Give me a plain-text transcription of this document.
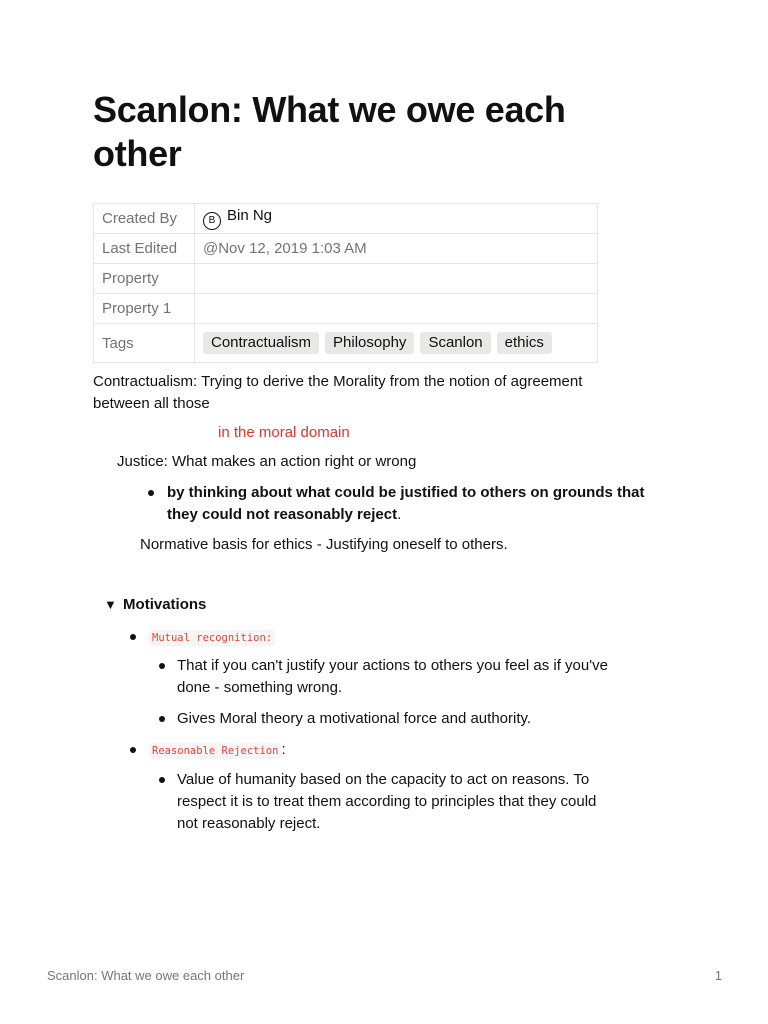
Scanlon: What we owe each other
Created By	B Bin Ng
Last Edited	@Nov 12, 2019 1:03 AM
Property	
Property 1	
Tags	Contractualism Philosophy Scanlon ethics

Contractualism: Trying to derive the Morality from the notion of agreement

between all those

in the moral domain

Justice: What makes an action right or wrong

by thinking about what could be justified to others on grounds that

they could not reasonably reject.

Normative basis for ethics - Justifying oneself to others.

▼ Motivations

Mutual recognition:

That if you can't justify your actions to others you feel as if you've

done - something wrong.

Gives Moral theory a motivational force and authority.

Reasonable Rejection :

Value of humanity based on the capacity to act on reasons. To

respect it is to treat them according to principles that they could

not reasonably reject.

Scanlon: What we owe each other	1
